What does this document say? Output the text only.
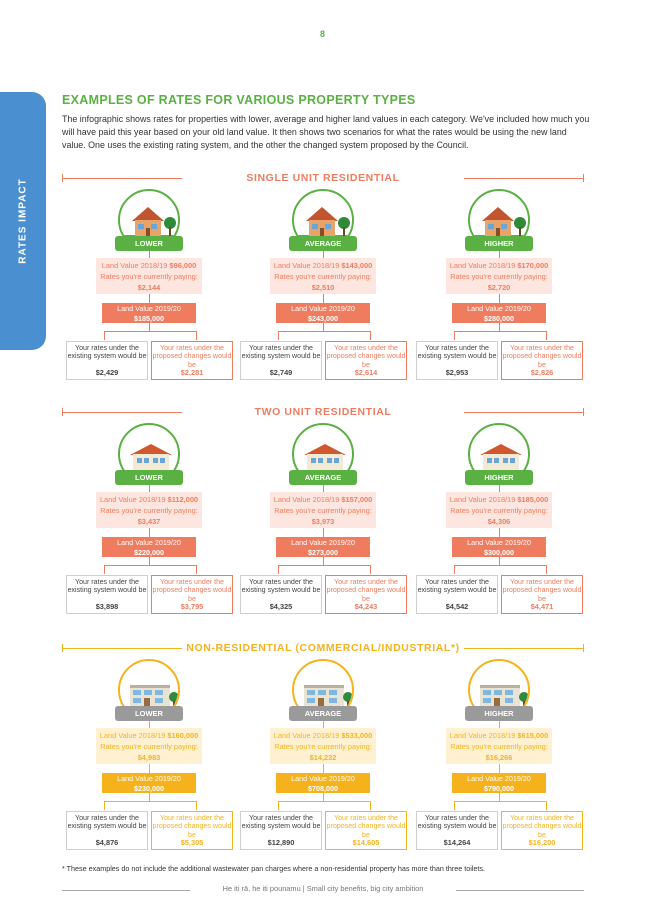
8
RATES IMPACT
EXAMPLES OF RATES FOR VARIOUS PROPERTY TYPES
The infographic shows rates for properties with lower, average and higher land values in each category. We've included how much you will have paid this year based on your old land value. It then shows two scenarios for what the rates would be using the new land value. One uses the existing rating system, and the other the changed system proposed by the Council.
SINGLE UNIT RESIDENTIAL
LOWER
Land Value 2018/19 $96,000
Rates you're currently paying:
$2,144
Land Value 2019/20
$185,000
Your rates under the existing system would be
$2,429
Your rates under the proposed changes would be
$2,281
AVERAGE
Land Value 2018/19 $143,000
Rates you're currently paying:
$2,510
Land Value 2019/20
$243,000
Your rates under the existing system would be
$2,749
Your rates under the proposed changes would be
$2,614
HIGHER
Land Value 2018/19 $170,000
Rates you're currently paying:
$2,720
Land Value 2019/20
$280,000
Your rates under the existing system would be
$2,953
Your rates under the proposed changes would be
$2,826
TWO UNIT RESIDENTIAL
LOWER
Land Value 2018/19 $112,000
Rates you're currently paying:
$3,437
Land Value 2019/20
$220,000
Your rates under the existing system would be
$3,898
Your rates under the proposed changes would be
$3,795
AVERAGE
Land Value 2018/19 $157,000
Rates you're currently paying:
$3,973
Land Value 2019/20
$273,000
Your rates under the existing system would be
$4,325
Your rates under the proposed changes would be
$4,243
HIGHER
Land Value 2018/19 $185,000
Rates you're currently paying:
$4,306
Land Value 2019/20
$300,000
Your rates under the existing system would be
$4,542
Your rates under the proposed changes would be
$4,471
NON-RESIDENTIAL (COMMERCIAL/INDUSTRIAL*)
LOWER
Land Value 2018/19 $160,000
Rates you're currently paying:
$4,983
Land Value 2019/20
$230,000
Your rates under the existing system would be
$4,876
Your rates under the proposed changes would be
$5,305
AVERAGE
Land Value 2018/19 $533,000
Rates you're currently paying:
$14,232
Land Value 2019/20
$708,000
Your rates under the existing system would be
$12,890
Your rates under the proposed changes would be
$14,605
HIGHER
Land Value 2018/19 $615,000
Rates you're currently paying:
$16,266
Land Value 2019/20
$790,000
Your rates under the existing system would be
$14,264
Your rates under the proposed changes would be
$16,200
* These examples do not include the additional wastewater pan charges where a non-residential property has more than three toilets.
He iti rā, he iti pounamu | Small city benefits, big city ambition
